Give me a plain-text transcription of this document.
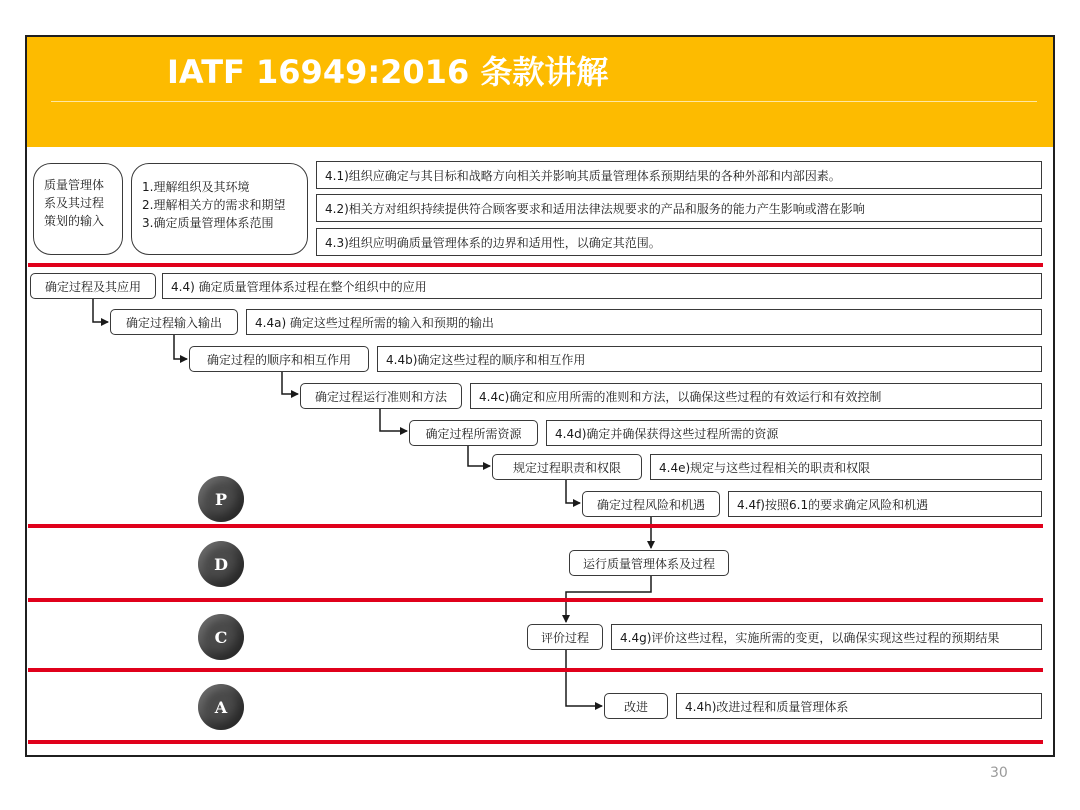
IATF 16949:2016 条款讲解
质量管理体
系及其过程
策划的输入
1.理解组织及其环境
2.理解相关方的需求和期望
3.确定质量管理体系范围
4.1)组织应确定与其目标和战略方向相关并影响其质量管理体系预期结果的各种外部和内部因素。
4.2)相关方对组织持续提供符合顾客要求和适用法律法规要求的产品和服务的能力产生影响或潜在影响
4.3)组织应明确质量管理体系的边界和适用性，以确定其范围。
确定过程及其应用	4.4) 确定质量管理体系过程在整个组织中的应用
确定过程输入输出	4.4a) 确定这些过程所需的输入和预期的输出
确定过程的顺序和相互作用	4.4b)确定这些过程的顺序和相互作用
确定过程运行准则和方法	4.4c)确定和应用所需的准则和方法，以确保这些过程的有效运行和有效控制
确定过程所需资源	4.4d)确定并确保获得这些过程所需的资源
规定过程职责和权限	4.4e)规定与这些过程相关的职责和权限
确定过程风险和机遇	4.4f)按照6.1的要求确定风险和机遇
P
D	运行质量管理体系及过程
C	评价过程	4.4g)评价这些过程，实施所需的变更，以确保实现这些过程的预期结果
A	改进	4.4h)改进过程和质量管理体系
30
